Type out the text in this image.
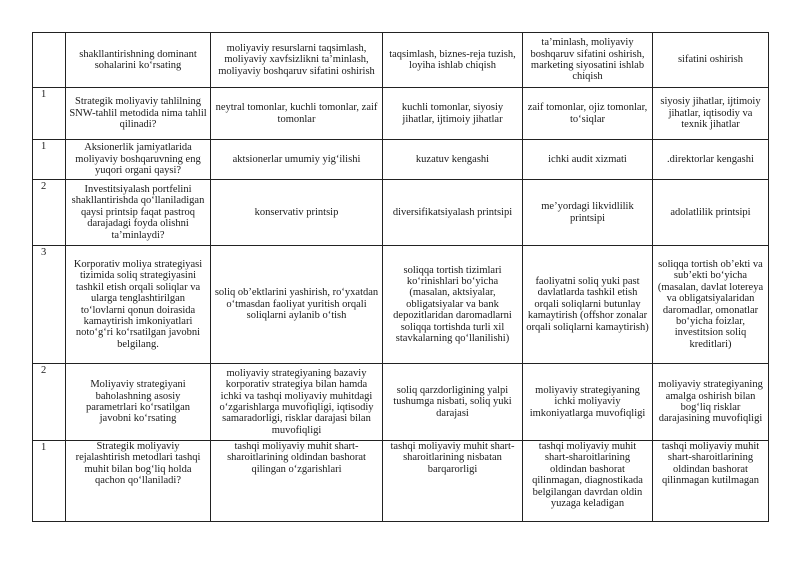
	shakllantirishning dominant sohalarini ko‘rsating	moliyaviy resurslarni taqsimlash, moliyaviy xavfsizlikni ta’minlash, moliyaviy boshqaruv sifatini oshirish	taqsimlash, biznes-reja tuzish, loyiha ishlab chiqish	ta’minlash, moliyaviy boshqaruv sifatini oshirish, marketing siyosatini ishlab chiqish	sifatini oshirish
1	Strategik moliyaviy tahlilning SNW-tahlil metodida nima tahlil qilinadi?	neytral tomonlar, kuchli tomonlar, zaif tomonlar	kuchli tomonlar, siyosiy jihatlar, ijtimoiy jihatlar	zaif tomonlar, ojiz tomonlar, to‘siqlar	siyosiy jihatlar, ijtimoiy jihatlar, iqtisodiy va texnik jihatlar
1	Aksionerlik jamiyatlarida moliyaviy boshqaruvning eng yuqori organi qaysi?	aktsionerlar umumiy yig‘ilishi	kuzatuv kengashi	ichki audit xizmati	.direktorlar kengashi
2	Investitsiyalash portfelini shakllantirishda qo‘llaniladigan qaysi printsip faqat pastroq darajadagi foyda olishni ta’minlaydi?	konservativ printsip	diversifikatsiyalash printsipi	me’yordagi likvidlilik printsipi	adolatlilik printsipi
3	Korporativ moliya strategiyasi tizimida soliq strategiyasini tashkil etish orqali soliqlar va ularga tenglashtirilgan to‘lovlarni qonun doirasida kamaytirish imkoniyatlari noto‘g‘ri ko‘rsatilgan javobni belgilang.	soliq ob’ektlarini yashirish, ro‘yxatdan o‘tmasdan faoliyat yuritish orqali soliqlarni aylanib o‘tish	soliqqa tortish tizimlari ko‘rinishlari bo‘yicha (masalan, aktsiyalar, obligatsiyalar va bank depozitlaridan daromadlarni soliqqa tortishda turli xil stavkalarning qo‘llanilishi)	faoliyatni soliq yuki past davlatlarda tashkil etish orqali soliqlarni butunlay kamaytirish (offshor zonalar orqali soliqlarni kamaytirish)	soliqqa tortish ob’ekti va sub’ekti bo‘yicha (masalan, davlat lotereya va obligatsiyalaridan daromadlar, omonatlar bo‘yicha foizlar, investitsion soliq kreditlari)
2	Moliyaviy strategiyani baholashning asosiy parametrlari ko‘rsatilgan javobni ko‘rsating	moliyaviy strategiyaning bazaviy korporativ strategiya bilan hamda ichki va tashqi moliyaviy muhitdagi o‘zgarishlarga muvofiqligi, iqtisodiy samaradorligi, risklar darajasi bilan muvofiqligi	soliq qarzdorligining yalpi tushumga nisbati, soliq yuki darajasi	moliyaviy strategiyaning ichki moliyaviy imkoniyatlarga muvofiqligi	moliyaviy strategiyaning amalga oshirish bilan bog‘liq risklar darajasining muvofiqligi
1	Strategik moliyaviy rejalashtirish metodlari tashqi muhit bilan bog‘liq holda qachon qo‘llaniladi?	tashqi moliyaviy muhit shart-sharoitlarining oldindan bashorat qilingan o‘zgarishlari	tashqi moliyaviy muhit shart-sharoitlarining nisbatan barqarorligi	tashqi moliyaviy muhit shart-sharoitlarining oldindan bashorat qilinmagan, diagnostikada belgilangan davrdan oldin yuzaga keladigan	tashqi moliyaviy muhit shart-sharoitlarining oldindan bashorat qilinmagan kutilmagan
